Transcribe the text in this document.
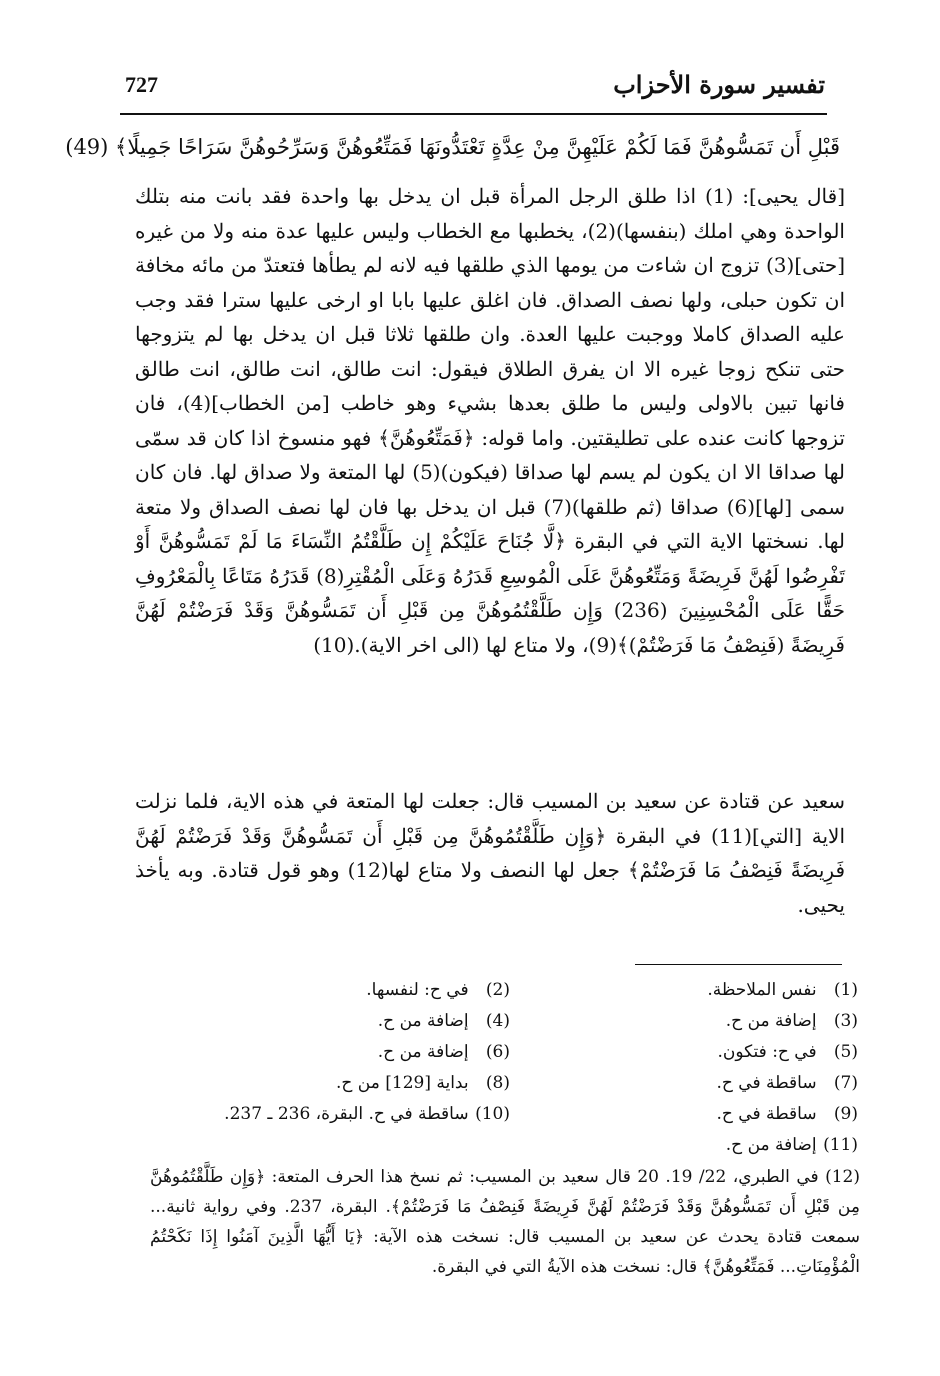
تفسير سورة الأحزاب
727
قَبْلِ أَن تَمَسُّوهُنَّ فَمَا لَكُمْ عَلَيْهِنَّ مِنْ عِدَّةٍ تَعْتَدُّونَهَا فَمَتِّعُوهُنَّ وَسَرِّحُوهُنَّ سَرَاحًا جَمِيلًا﴾ (49)

[قال يحيى]: (1) اذا طلق الرجل المرأة قبل ان يدخل بها واحدة فقد بانت منه بتلك الواحدة وهي املك (بنفسها)(2)، يخطبها مع الخطاب وليس عليها عدة منه ولا من غيره [حتى](3) تزوج ان شاءت من يومها الذي طلقها فيه لانه لم يطأها فتعتدّ من مائه مخافة ان تكون حبلى، ولها نصف الصداق. فان اغلق عليها بابا او ارخى عليها سترا فقد وجب عليه الصداق كاملا ووجبت عليها العدة. وان طلقها ثلاثا قبل ان يدخل بها لم يتزوجها حتى تنكح زوجا غيره الا ان يفرق الطلاق فيقول: انت طالق، انت طالق، انت طالق فانها تبين بالاولى وليس ما طلق بعدها بشيء وهو خاطب [من الخطاب](4)، فان تزوجها كانت عنده على تطليقتين. واما قوله: ﴿فَمَتِّعُوهُنَّ﴾ فهو منسوخ اذا كان قد سمّى لها صداقا الا ان يكون لم يسم لها صداقا (فيكون)(5) لها المتعة ولا صداق لها. فان كان سمى [لها](6) صداقا (ثم طلقها)(7) قبل ان يدخل بها فان لها نصف الصداق ولا متعة لها. نسختها الاية التي في البقرة ﴿لَّا جُنَاحَ عَلَيْكُمْ إِن طَلَّقْتُمُ النِّسَاءَ مَا لَمْ تَمَسُّوهُنَّ أَوْ تَفْرِضُوا لَهُنَّ فَرِيضَةً وَمَتِّعُوهُنَّ عَلَى الْمُوسِعِ قَدَرُهُ وَعَلَى الْمُقْتِرِ(8) قَدَرُهُ مَتَاعًا بِالْمَعْرُوفِ حَقًّا عَلَى الْمُحْسِنِينَ (236) وَإِن طَلَّقْتُمُوهُنَّ مِن قَبْلِ أَن تَمَسُّوهُنَّ وَقَدْ فَرَضْتُمْ لَهُنَّ فَرِيضَةً (فَنِصْفُ مَا فَرَضْتُمْ)﴾(9)، ولا متاع لها (الى اخر الاية).(10)

سعيد عن قتادة عن سعيد بن المسيب قال: جعلت لها المتعة في هذه الاية، فلما نزلت الاية [التي](11) في البقرة ﴿وَإِن طَلَّقْتُمُوهُنَّ مِن قَبْلِ أَن تَمَسُّوهُنَّ وَقَدْ فَرَضْتُمْ لَهُنَّ فَرِيضَةً فَنِصْفُ مَا فَرَضْتُمْ﴾ جعل لها النصف ولا متاع لها(12) وهو قول قتادة. وبه يأخذ يحيى.

(1) نفس الملاحظة.
(3) إضافة من ح.
(5) في ح: فتكون.
(7) ساقطة في ح.
(9) ساقطة في ح.
(11) إضافة من ح.
(2) في ح: لنفسها.
(4) إضافة من ح.
(6) إضافة من ح.
(8) بداية [129] من ح.
(10) ساقطة في ح. البقرة، 236 ـ 237.

(12) في الطبري، 22/ 19. 20 قال سعيد بن المسيب: ثم نسخ هذا الحرف المتعة: ﴿وَإِن طَلَّقْتُمُوهُنَّ مِن قَبْلِ أَن تَمَسُّوهُنَّ وَقَدْ فَرَضْتُمْ لَهُنَّ فَرِيضَةً فَنِصْفُ مَا فَرَضْتُمْ﴾. البقرة، 237. وفي رواية ثانية... سمعت قتادة يحدث عن سعيد بن المسيب قال: نسخت هذه الآية: ﴿يَا أَيُّهَا الَّذِينَ آمَنُوا إِذَا نَكَحْتُمُ الْمُؤْمِنَاتِ... فَمَتِّعُوهُنَّ﴾ قال: نسخت هذه الآيةُ التي في البقرة.
